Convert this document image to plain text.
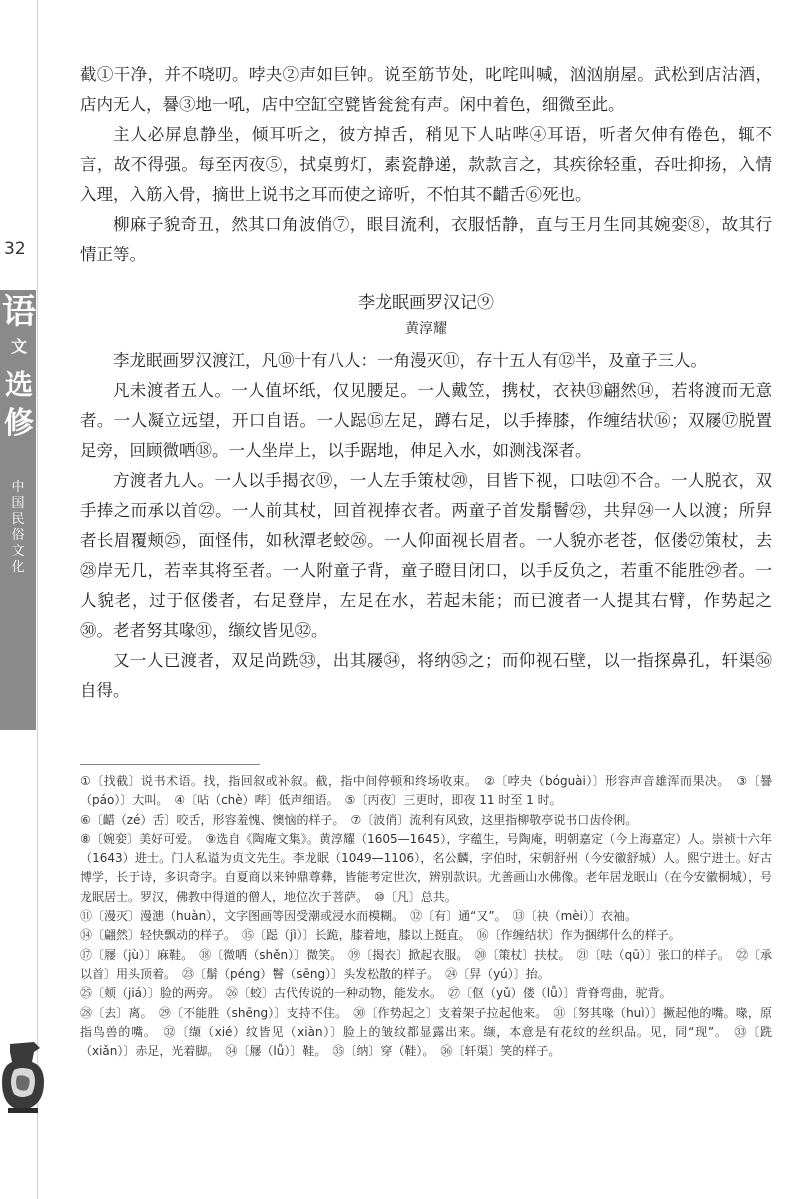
32
语
文
选
修
中
国
民
俗
文
化

截①干净，并不哓叨。哱夬②声如巨钟。说至筋节处，叱咤叫喊，汹汹崩屋。武松到店沽酒，店内无人，謈③地一吼，店中空缸空甓皆瓮瓮有声。闲中着色，细微至此。

主人必屏息静坐，倾耳听之，彼方掉舌，稍见下人呫哔④耳语，听者欠伸有倦色，辄不言，故不得强。每至丙夜⑤，拭桌剪灯，素瓷静递，款款言之，其疾徐轻重，吞吐抑扬，入情入理，入筋入骨，摘世上说书之耳而使之谛听，不怕其不齰舌⑥死也。

柳麻子貌奇丑，然其口角波俏⑦，眼目流利，衣服恬静，直与王月生同其婉娈⑧，故其行情正等。

李龙眠画罗汉记⑨
黄淳耀

李龙眠画罗汉渡江，凡⑩十有八人：一角漫灭⑪，存十五人有⑫半，及童子三人。

凡未渡者五人。一人值坏纸，仅见腰足。一人戴笠，携杖，衣袂⑬翩然⑭，若将渡而无意者。一人凝立远望，开口自语。一人跽⑮左足，蹲右足，以手捧膝，作缠结状⑯；双屦⑰脱置足旁，回顾微哂⑱。一人坐岸上，以手踞地，伸足入水，如测浅深者。

方渡者九人。一人以手揭衣⑲，一人左手策杖⑳，目皆下视，口呿㉑不合。一人脱衣，双手捧之而承以首㉒。一人前其杖，回首视捧衣者。两童子首发鬅鬙㉓，共舁㉔一人以渡；所舁者长眉覆颊㉕，面怪伟，如秋潭老蛟㉖。一人仰面视长眉者。一人貌亦老苍，伛偻㉗策杖，去㉘岸无几，若幸其将至者。一人附童子背，童子瞪目闭口，以手反负之，若重不能胜㉙者。一人貌老，过于伛偻者，右足登岸，左足在水，若起未能；而已渡者一人提其右臂，作势起之㉚。老者努其喙㉛，缬纹皆见㉜。

又一人已渡者，双足尚跣㉝，出其屦㉞，将纳㉟之；而仰视石壁，以一指探鼻孔，轩渠㊱自得。

①〔找截〕说书术语。找，指回叙或补叙。截，指中间停顿和终场收束。　②〔哱夬（bóguài）〕形容声音雄浑而果决。　③〔謈（páo）〕大叫。　④〔呫（chè）哔〕低声细语。　⑤〔丙夜〕三更时，即夜 11 时至 1 时。
⑥〔齰（zé）舌〕咬舌，形容羞愧、懊恼的样子。　⑦〔波俏〕流利有风致，这里指柳敬亭说书口齿伶俐。
⑧〔婉娈〕美好可爱。　⑨选自《陶庵文集》。黄淳耀（1605—1645），字蕴生，号陶庵，明朝嘉定（今上海嘉定）人。崇祯十六年（1643）进士。门人私谥为贞文先生。李龙眠（1049—1106），名公麟，字伯时，宋朝舒州（今安徽舒城）人。熙宁进士。好古博学，长于诗，多识奇字。自夏商以来钟鼎尊彝，皆能考定世次，辨别款识。尤善画山水佛像。老年居龙眠山（在今安徽桐城），号龙眠居士。罗汉，佛教中得道的僧人，地位次于菩萨。　⑩〔凡〕总共。
⑪〔漫灭〕漫漶（huàn），文字图画等因受潮或浸水而模糊。　⑫〔有〕通“又”。　⑬〔袂（mèi）〕衣袖。
⑭〔翩然〕轻快飘动的样子。　⑮〔跽（jì）〕长跪，膝着地，膝以上挺直。　⑯〔作缠结状〕作为捆绑什么的样子。
⑰〔屦（jù）〕麻鞋。　⑱〔微哂（shěn）〕微笑。　⑲〔揭衣〕掀起衣服。　⑳〔策杖〕扶杖。　㉑〔呿（qū）〕张口的样子。　㉒〔承以首〕用头顶着。　㉓〔鬅（péng）鬙（sēng）〕头发松散的样子。　㉔〔舁（yú）〕抬。
㉕〔颊（jiá）〕脸的两旁。　㉖〔蛟〕古代传说的一种动物，能发水。　㉗〔伛（yǔ）偻（lǚ）〕背脊弯曲，驼背。
㉘〔去〕离。　㉙〔不能胜（shēng）〕支持不住。　㉚〔作势起之〕支着架子拉起他来。　㉛〔努其喙（huì）〕撅起他的嘴。喙，原指鸟兽的嘴。　㉜〔缬（xié）纹皆见（xiàn）〕脸上的皱纹都显露出来。缬，本意是有花纹的丝织品。见，同“现”。　㉝〔跣（xiǎn）〕赤足，光着脚。　㉞〔屦（lǚ）〕鞋。　㉟〔纳〕穿（鞋）。　㊱〔轩渠〕笑的样子。
